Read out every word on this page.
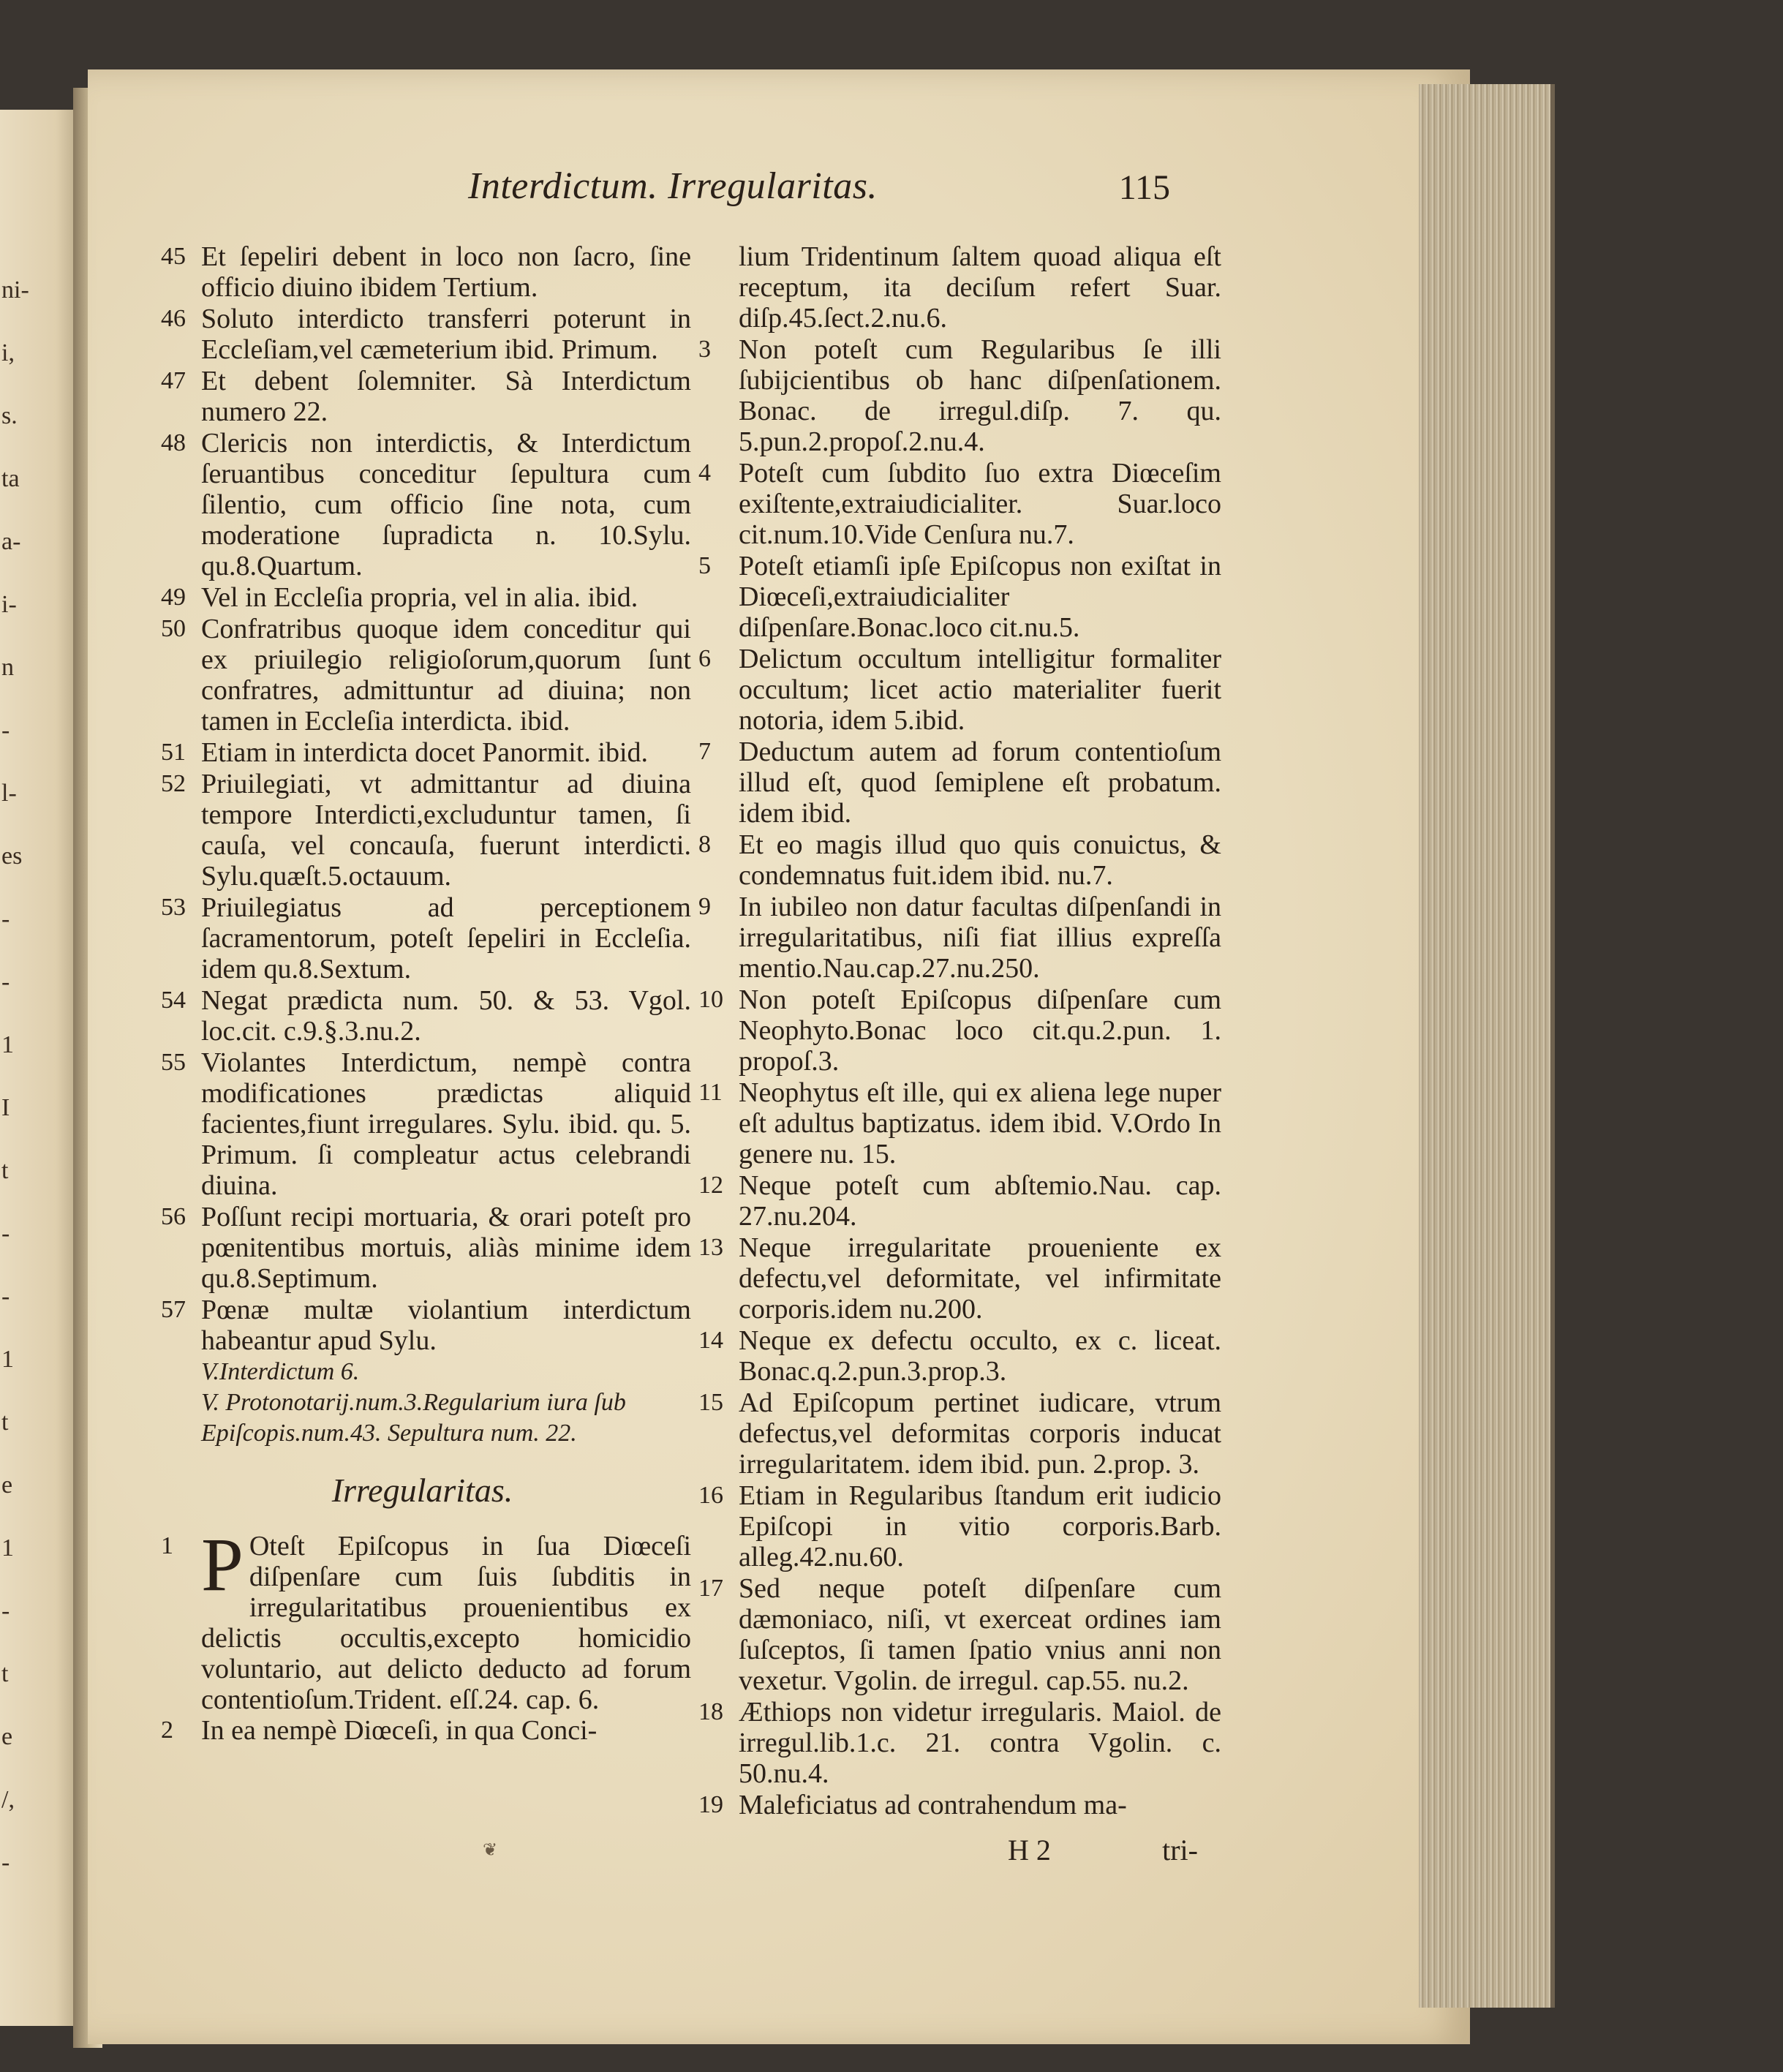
ni-
i,
s.
ta
a-
i-
n
-
l-
es
-
-
1
I
t
-
-
1
t
e
1
-
t
e
/,
-
Interdictum. Irregularitas.	115
45 Et ſepeliri debent in loco non ſacro, ſine officio diuino ibidem Tertium.
46 Soluto interdicto transferri poterunt in Eccleſiam,vel cæmeterium ibid. Primum.
47 Et debent ſolemniter. Sà Interdictum numero 22.
48 Clericis non interdictis, & Interdictum ſeruantibus conceditur ſepultura cum ſilentio, cum officio ſine nota, cum moderatione ſupradicta n. 10.Sylu. qu.8.Quartum.
49 Vel in Eccleſia propria, vel in alia. ibid.
50 Confratribus quoque idem conceditur qui ex priuilegio religioſorum,quorum ſunt confratres, admittuntur ad diuina; non tamen in Eccleſia interdicta. ibid.
51 Etiam in interdicta docet Panormit. ibid.
52 Priuilegiati, vt admittantur ad diuina tempore Interdicti,excluduntur tamen, ſi cauſa, vel concauſa, fuerunt interdicti. Sylu.quæſt.5.octauum.
53 Priuilegiatus ad perceptionem ſacramentorum, poteſt ſepeliri in Eccleſia. idem qu.8.Sextum.
54 Negat prædicta num. 50. & 53. Vgol. loc.cit. c.9.§.3.nu.2.
55 Violantes Interdictum, nempè contra modificationes prædictas aliquid facientes,fiunt irregulares. Sylu. ibid. qu. 5. Primum. ſi compleatur actus celebrandi diuina.
56 Poſſunt recipi mortuaria, & orari poteſt pro pœnitentibus mortuis, aliàs minime idem qu.8.Septimum.
57 Pœnæ multæ violantium interdictum habeantur apud Sylu.
V.Interdictum 6.
V. Protonotarij.num.3.Regularium iura ſub Epiſcopis.num.43. Sepultura num. 22.
Irregularitas.
1 P Oteſt Epiſcopus in ſua Diœceſi diſpenſare cum ſuis ſubditis in irregularitatibus prouenientibus ex delictis occultis,excepto homicidio voluntario, aut delicto deducto ad forum contentioſum.Trident. eſſ.24. cap. 6.
2 In ea nempè Diœceſi, in qua Conci-
lium Tridentinum ſaltem quoad aliqua eſt receptum, ita deciſum refert Suar. diſp.45.ſect.2.nu.6.
3 Non poteſt cum Regularibus ſe illi ſubijcientibus ob hanc diſpenſationem. Bonac. de irregul.diſp. 7. qu. 5.pun.2.propoſ.2.nu.4.
4 Poteſt cum ſubdito ſuo extra Diœceſim exiſtente,extraiudicialiter. Suar.loco cit.num.10.Vide Cenſura nu.7.
5 Poteſt etiamſi ipſe Epiſcopus non exiſtat in Diœceſi,extraiudicialiter diſpenſare.Bonac.loco cit.nu.5.
6 Delictum occultum intelligitur formaliter occultum; licet actio materialiter fuerit notoria, idem 5.ibid.
7 Deductum autem ad forum contentioſum illud eſt, quod ſemiplene eſt probatum. idem ibid.
8 Et eo magis illud quo quis conuictus, & condemnatus fuit.idem ibid. nu.7.
9 In iubileo non datur facultas diſpenſandi in irregularitatibus, niſi fiat illius expreſſa mentio.Nau.cap.27.nu.250.
10 Non poteſt Epiſcopus diſpenſare cum Neophyto.Bonac loco cit.qu.2.pun. 1. propoſ.3.
11 Neophytus eſt ille, qui ex aliena lege nuper eſt adultus baptizatus. idem ibid. V.Ordo In genere nu. 15.
12 Neque poteſt cum abſtemio.Nau. cap. 27.nu.204.
13 Neque irregularitate proueniente ex defectu,vel deformitate, vel infirmitate corporis.idem nu.200.
14 Neque ex defectu occulto, ex c. liceat. Bonac.q.2.pun.3.prop.3.
15 Ad Epiſcopum pertinet iudicare, vtrum defectus,vel deformitas corporis inducat irregularitatem. idem ibid. pun. 2.prop. 3.
16 Etiam in Regularibus ſtandum erit iudicio Epiſcopi in vitio corporis.Barb. alleg.42.nu.60.
17 Sed neque poteſt diſpenſare cum dæmoniaco, niſi, vt exerceat ordines iam ſuſceptos, ſi tamen ſpatio vnius anni non vexetur. Vgolin. de irregul. cap.55. nu.2.
18 Æthiops non videtur irregularis. Maiol. de irregul.lib.1.c. 21. contra Vgolin. c. 50.nu.4.
19 Maleficiatus ad contrahendum ma-
❦	H 2	tri-
